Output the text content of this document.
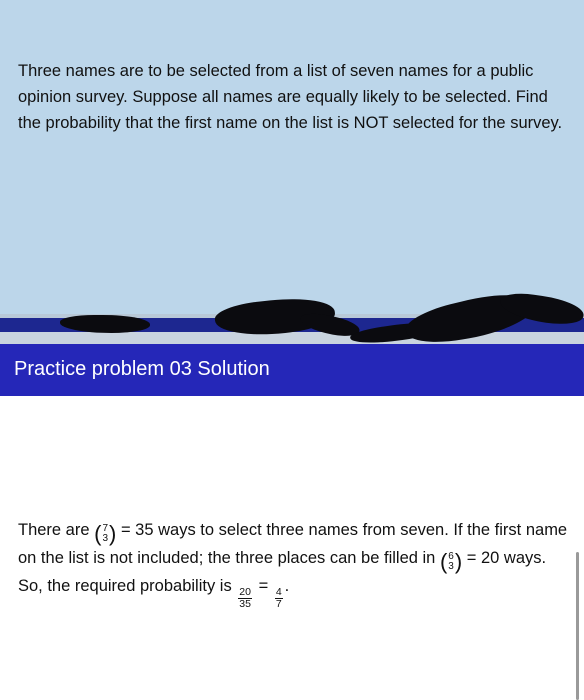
Three names are to be selected from a list of seven names for a public opinion survey. Suppose all names are equally likely to be selected. Find the probability that the first name on the list is NOT selected for the survey.

Practice problem 03 Solution

There are ( 7
3 ) = 35 ways to select three names from seven. If the first name on the list is not included; the three places can be filled in ( 6
3 ) = 20 ways. So, the required probability is
$\frac{20}{35}$
=
$\frac{4}{7}$
.
